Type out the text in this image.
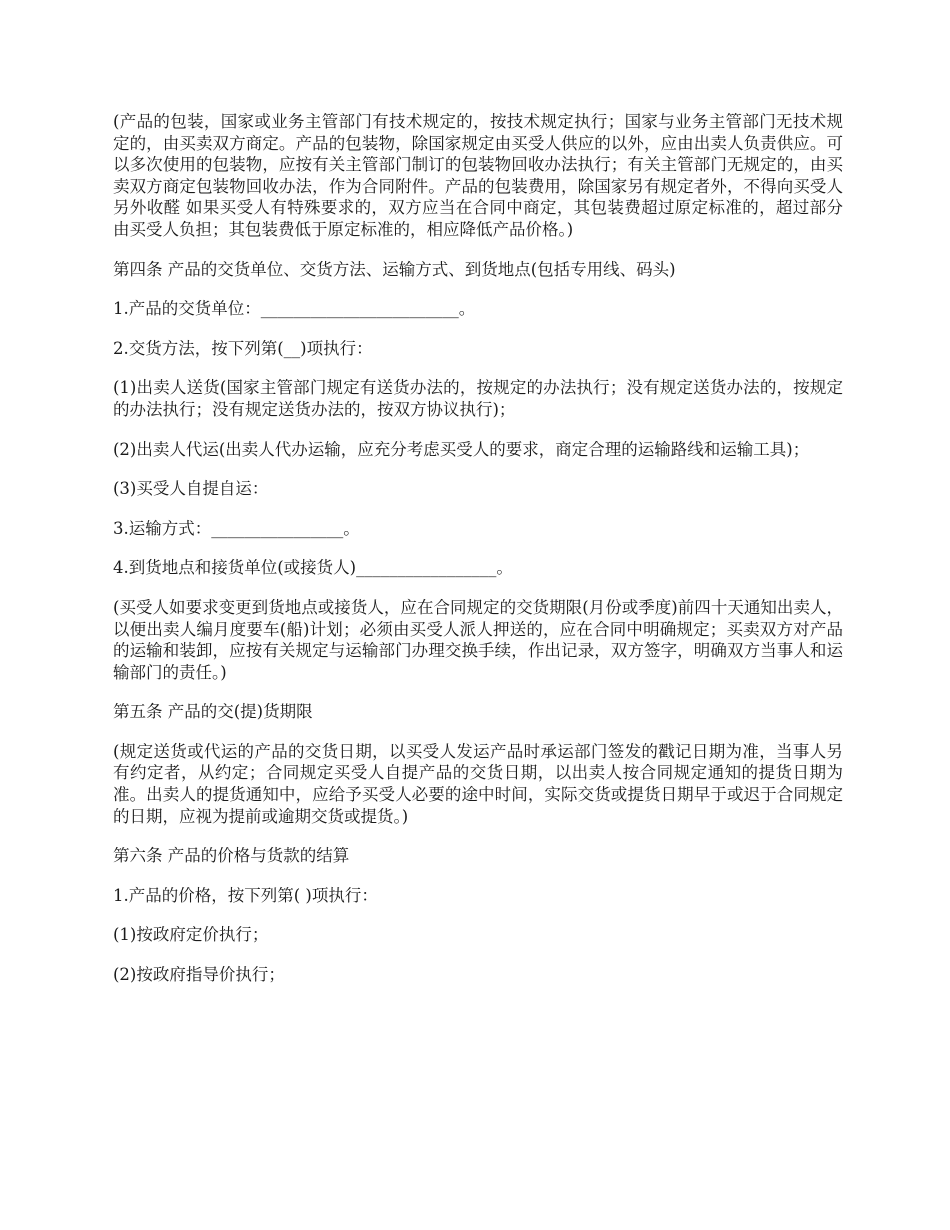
(产品的包装，国家或业务主管部门有技术规定的，按技术规定执行；国家与业务主管部门无技术规定的，由买卖双方商定。产品的包装物，除国家规定由买受人供应的以外，应由出卖人负责供应。可以多次使用的包装物，应按有关主管部门制订的包装物回收办法执行；有关主管部门无规定的，由买卖双方商定包装物回收办法，作为合同附件。产品的包装费用，除国家另有规定者外，不得向买受人另外收醛 如果买受人有特殊要求的，双方应当在合同中商定，其包装费超过原定标准的，超过部分由买受人负担；其包装费低于原定标准的，相应降低产品价格。)

第四条 产品的交货单位、交货方法、运输方式、到货地点(包括专用线、码头)

1.产品的交货单位：________________________。

2.交货方法，按下列第(__)项执行：

(1)出卖人送货(国家主管部门规定有送货办法的，按规定的办法执行；没有规定送货办法的，按规定的办法执行；没有规定送货办法的，按双方协议执行)；

(2)出卖人代运(出卖人代办运输，应充分考虑买受人的要求，商定合理的运输路线和运输工具)；

(3)买受人自提自运：

3.运输方式：________________。

4.到货地点和接货单位(或接货人)_________________。

(买受人如要求变更到货地点或接货人，应在合同规定的交货期限(月份或季度)前四十天通知出卖人，以便出卖人编月度要车(船)计划；必须由买受人派人押送的，应在合同中明确规定；买卖双方对产品的运输和装卸，应按有关规定与运输部门办理交换手续，作出记录，双方签字，明确双方当事人和运输部门的责任。)

第五条 产品的交(提)货期限

(规定送货或代运的产品的交货日期，以买受人发运产品时承运部门签发的戳记日期为准，当事人另有约定者，从约定；合同规定买受人自提产品的交货日期，以出卖人按合同规定通知的提货日期为准。出卖人的提货通知中，应给予买受人必要的途中时间，实际交货或提货日期早于或迟于合同规定的日期，应视为提前或逾期交货或提货。)

第六条 产品的价格与货款的结算

1.产品的价格，按下列第( )项执行：

(1)按政府定价执行；

(2)按政府指导价执行；
